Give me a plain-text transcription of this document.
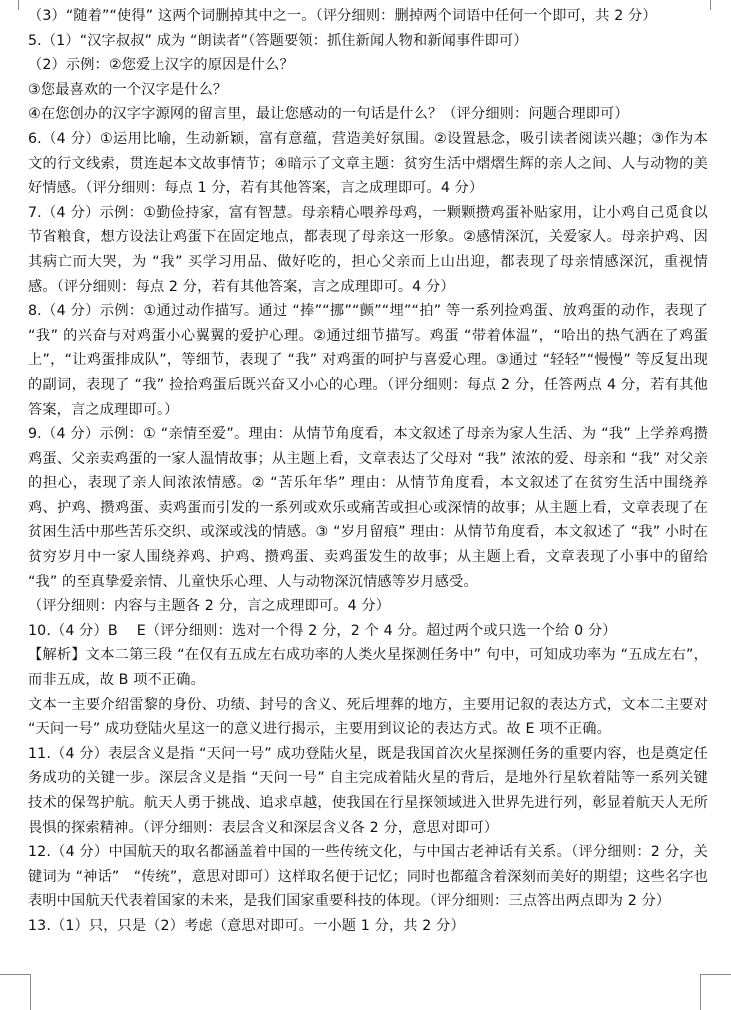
（3）“随着”“使得” 这两个词删掉其中之一。（评分细则：删掉两个词语中任何一个即可，共 2 分）

5.（1）“汉字叔叔” 成为 “朗读者”（答题要领：抓住新闻人物和新闻事件即可）

（2）示例：②您爱上汉字的原因是什么？

③您最喜欢的一个汉字是什么？

④在您创办的汉字字源网的留言里，最让您感动的一句话是什么？（评分细则：问题合理即可）

6.（4 分）①运用比喻，生动新颖，富有意蕴，营造美好氛围。②设置悬念，吸引读者阅读兴趣；③作为本文的行文线索，贯连起本文故事情节；④暗示了文章主题：贫穷生活中熠熠生辉的亲人之间、人与动物的美好情感。（评分细则：每点 1 分，若有其他答案，言之成理即可。4 分）

7.（4 分）示例：①勤俭持家，富有智慧。母亲精心喂养母鸡，一颗颗攒鸡蛋补贴家用，让小鸡自己觅食以节省粮食，想方设法让鸡蛋下在固定地点，都表现了母亲这一形象。②感情深沉，关爱家人。母亲护鸡、因其病亡而大哭，为 “我” 买学习用品、做好吃的，担心父亲而上山出迎，都表现了母亲情感深沉，重视情感。（评分细则：每点 2 分，若有其他答案，言之成理即可。4 分）

8.（4 分）示例：①通过动作描写。通过 “捧”“挪”“颤”“埋”“拍” 等一系列捡鸡蛋、放鸡蛋的动作，表现了 “我” 的兴奋与对鸡蛋小心翼翼的爱护心理。②通过细节描写。鸡蛋 “带着体温”，“哈出的热气洒在了鸡蛋上”，“让鸡蛋排成队”，等细节，表现了 “我” 对鸡蛋的呵护与喜爱心理。③通过 “轻轻”“慢慢” 等反复出现的副词，表现了 “我” 捡拾鸡蛋后既兴奋又小心的心理。（评分细则：每点 2 分，任答两点 4 分，若有其他答案，言之成理即可。）

9.（4 分）示例：① “亲情至爱”。理由：从情节角度看，本文叙述了母亲为家人生活、为 “我” 上学养鸡攒鸡蛋、父亲卖鸡蛋的一家人温情故事；从主题上看，文章表达了父母对 “我” 浓浓的爱、母亲和 “我” 对父亲的担心，表现了亲人间浓浓情感。② “苦乐年华” 理由：从情节角度看，本文叙述了在贫穷生活中围绕养鸡、护鸡、攒鸡蛋、卖鸡蛋而引发的一系列或欢乐或痛苦或担心或深情的故事；从主题上看，文章表现了在贫困生活中那些苦乐交织、或深或浅的情感。③ “岁月留痕” 理由：从情节角度看，本文叙述了 “我” 小时在贫穷岁月中一家人围绕养鸡、护鸡、攒鸡蛋、卖鸡蛋发生的故事；从主题上看，文章表现了小事中的留给 “我” 的至真挚爱亲情、儿童快乐心理、人与动物深沉情感等岁月感受。

（评分细则：内容与主题各 2 分，言之成理即可。4 分）

10.（4 分）B　 E（评分细则：选对一个得 2 分，2 个 4 分。超过两个或只选一个给 0 分）

【解析】文本二第三段 “在仅有五成左右成功率的人类火星探测任务中” 句中，可知成功率为 “五成左右”，而非五成，故 B 项不正确。

文本一主要介绍雷黎的身份、功绩、封号的含义、死后埋葬的地方，主要用记叙的表达方式，文本二主要对 “天问一号” 成功登陆火星这一的意义进行揭示，主要用到议论的表达方式。故 E 项不正确。

11.（4 分）表层含义是指 “天问一号” 成功登陆火星，既是我国首次火星探测任务的重要内容，也是奠定任务成功的关键一步。深层含义是指 “天问一号” 自主完成着陆火星的背后，是地外行星软着陆等一系列关键技术的保驾护航。航天人勇于挑战、追求卓越，使我国在行星探领域进入世界先进行列，彰显着航天人无所畏惧的探索精神。（评分细则：表层含义和深层含义各 2 分，意思对即可）

12.（4 分）中国航天的取名都涵盖着中国的一些传统文化，与中国古老神话有关系。（评分细则：2 分，关键词为 “神话”　“传统”，意思对即可）这样取名便于记忆；同时也都蕴含着深刻而美好的期望；这些名字也表明中国航天代表着国家的未来，是我们国家重要科技的体现。（评分细则：三点答出两点即为 2 分）

13.（1）只，只是（2）考虑（意思对即可。一小题 1 分，共 2 分）
